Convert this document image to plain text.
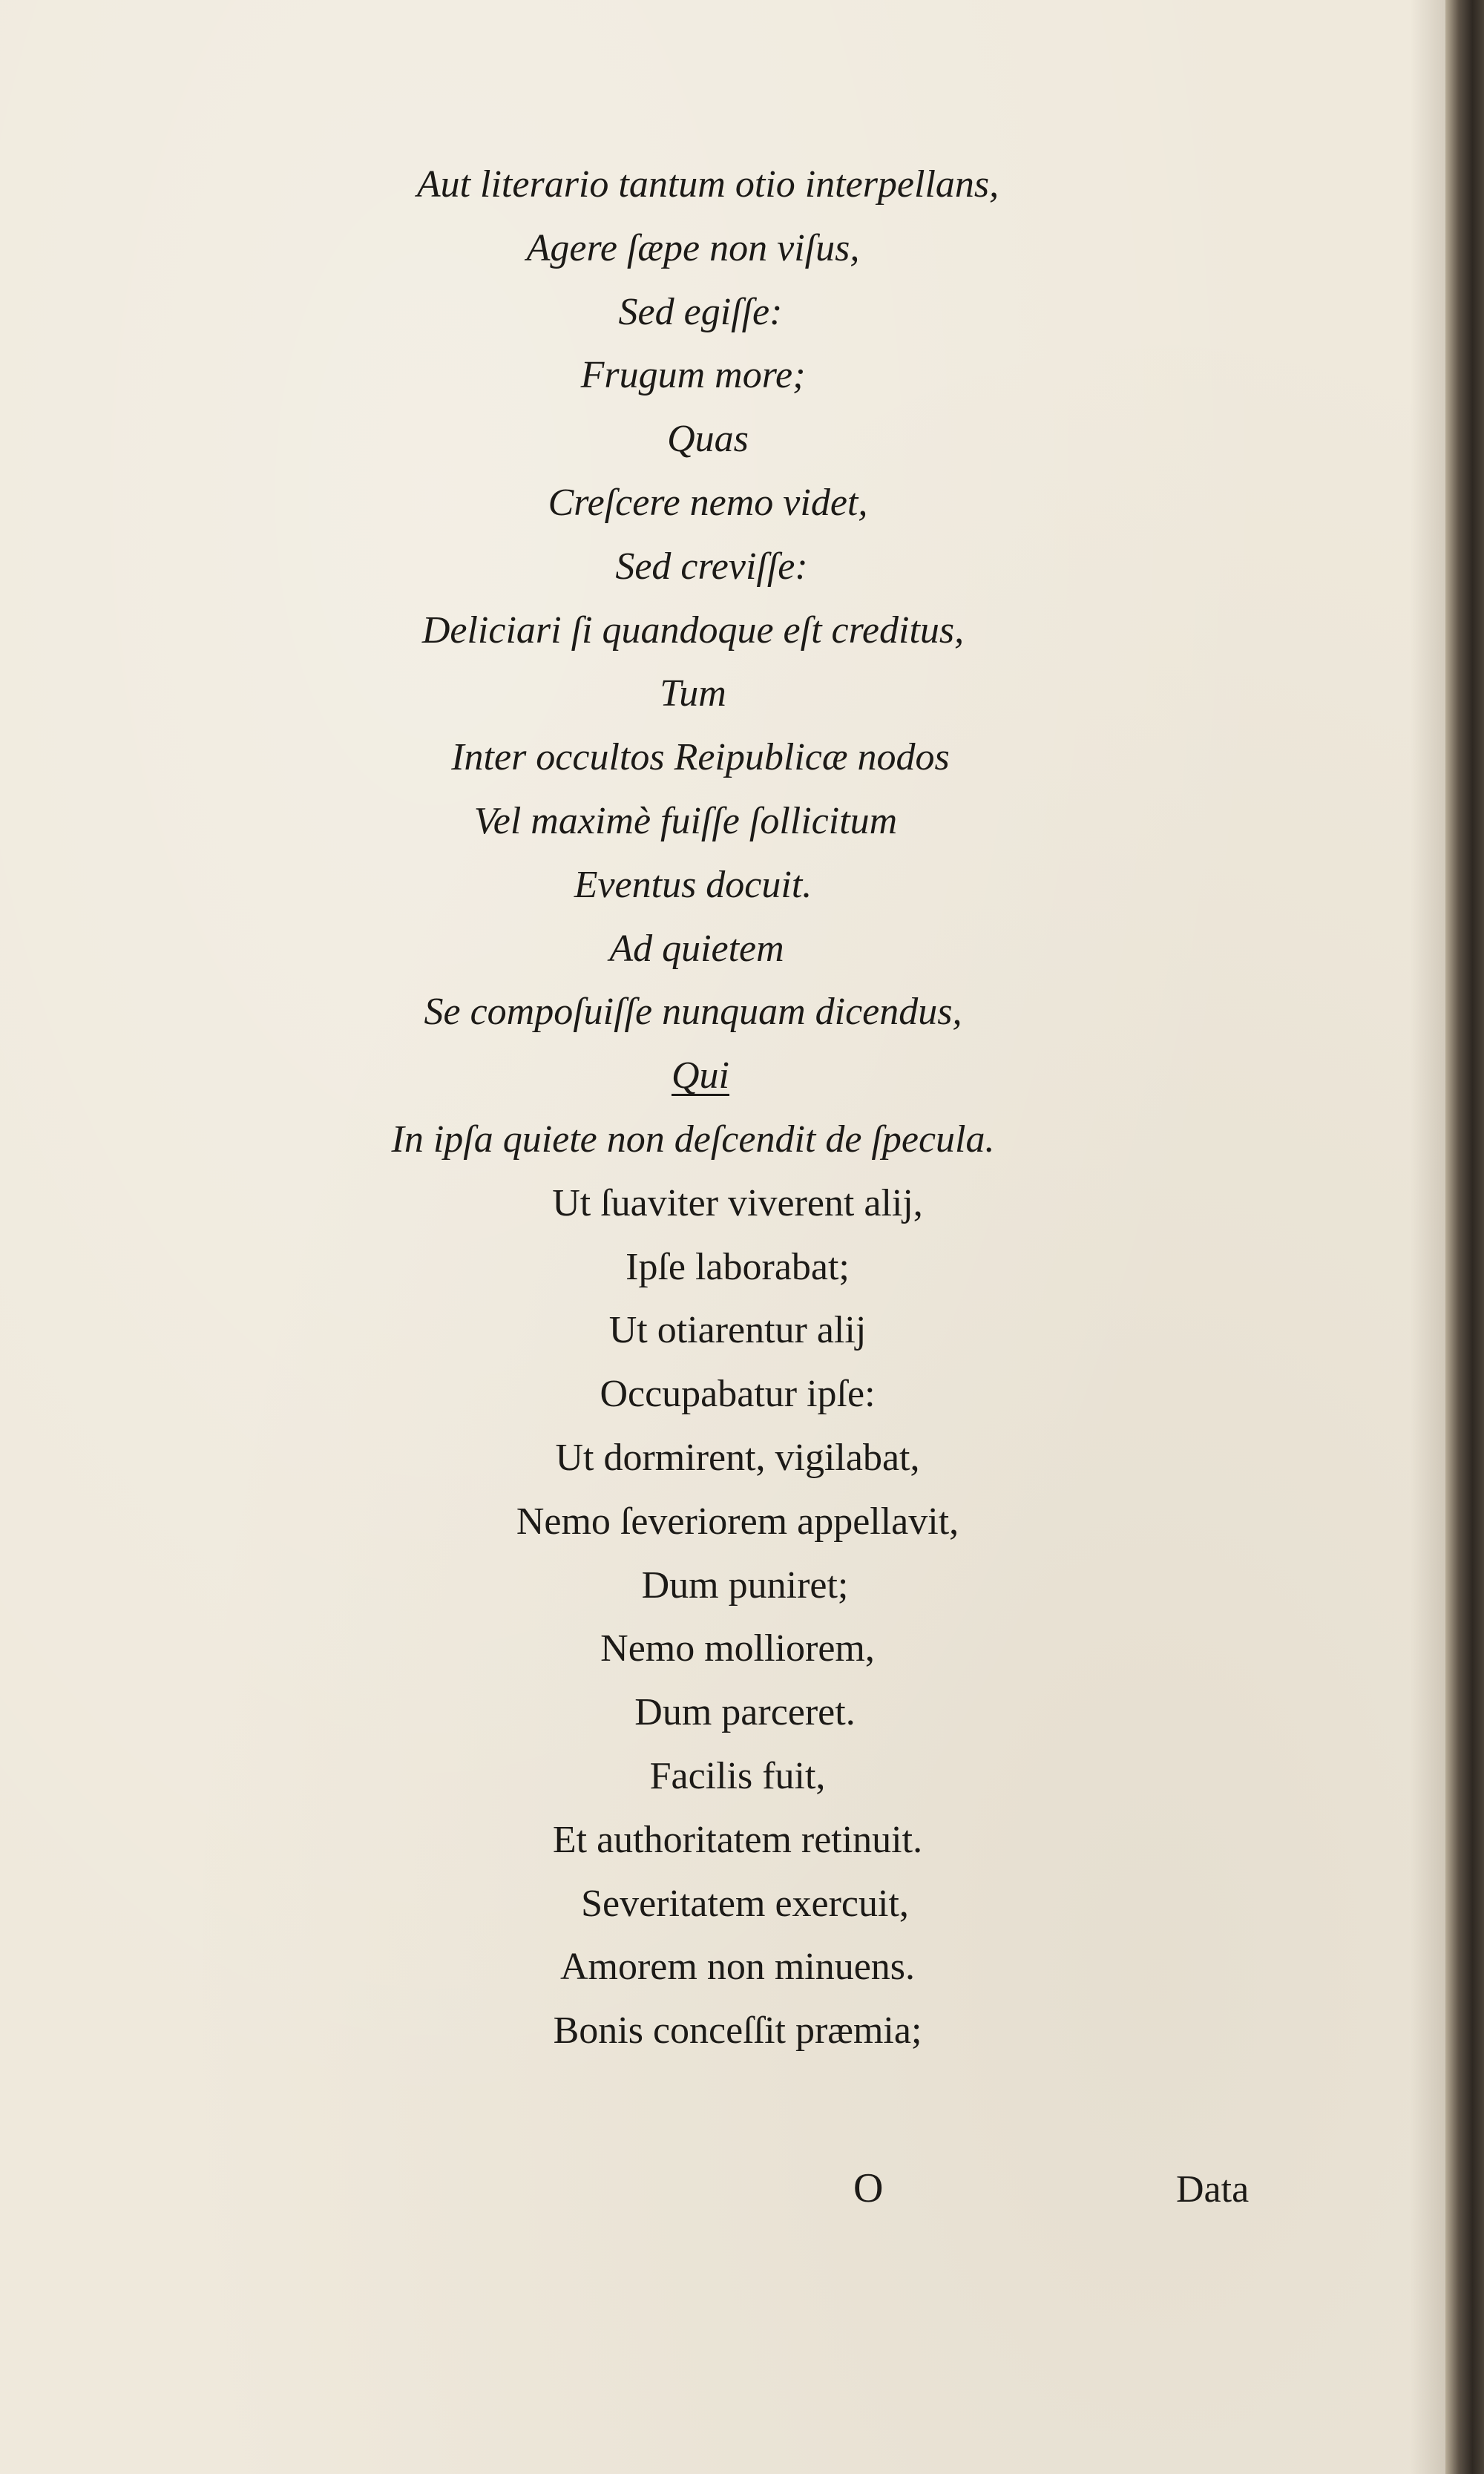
Aut literario tantum otio interpellans,
Agere ſæpe non viſus,
Sed egiſſe:
Frugum more;
Quas
Creſcere nemo videt,
Sed creviſſe:
Deliciari ſi quandoque eſt creditus,
Tum
Inter occultos Reipublicæ nodos
Vel maximè fuiſſe ſollicitum
Eventus docuit.
Ad quietem
Se compoſuiſſe nunquam dicendus,
Qui
In ipſa quiete non deſcendit de ſpecula.
Ut ſuaviter viverent alij,
Ipſe laborabat;
Ut otiarentur alij
Occupabatur ipſe:
Ut dormirent, vigilabat,
Nemo ſeveriorem appellavit,
Dum puniret;
Nemo molliorem,
Dum parceret.
Facilis fuit,
Et authoritatem retinuit.
Severitatem exercuit,
Amorem non minuens.
Bonis conceſſit præmia;
O	Data
